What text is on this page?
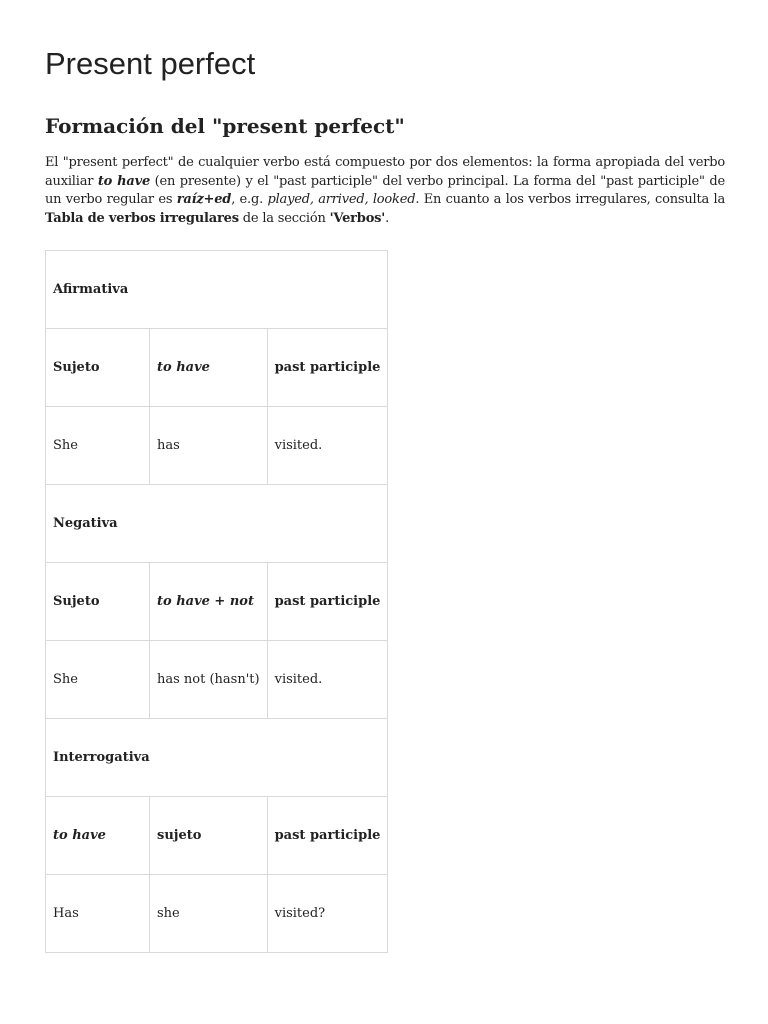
Present perfect
Formación del "present perfect"

El "present perfect" de cualquier verbo está compuesto por dos elementos: la forma apropiada del verbo auxiliar to have (en presente) y el "past participle" del verbo principal. La forma del "past participle" de un verbo regular es raíz+ed, e.g. played, arrived, looked. En cuanto a los verbos irregulares, consulta la Tabla de verbos irregulares de la sección 'Verbos'.

Afirmativa		
Sujeto	to have	past participle
She	has	visited.
Negativa		
Sujeto	to have + not	past participle
She	has not (hasn't)	visited.
Interrogativa		
to have	sujeto	past participle
Has	she	visited?
